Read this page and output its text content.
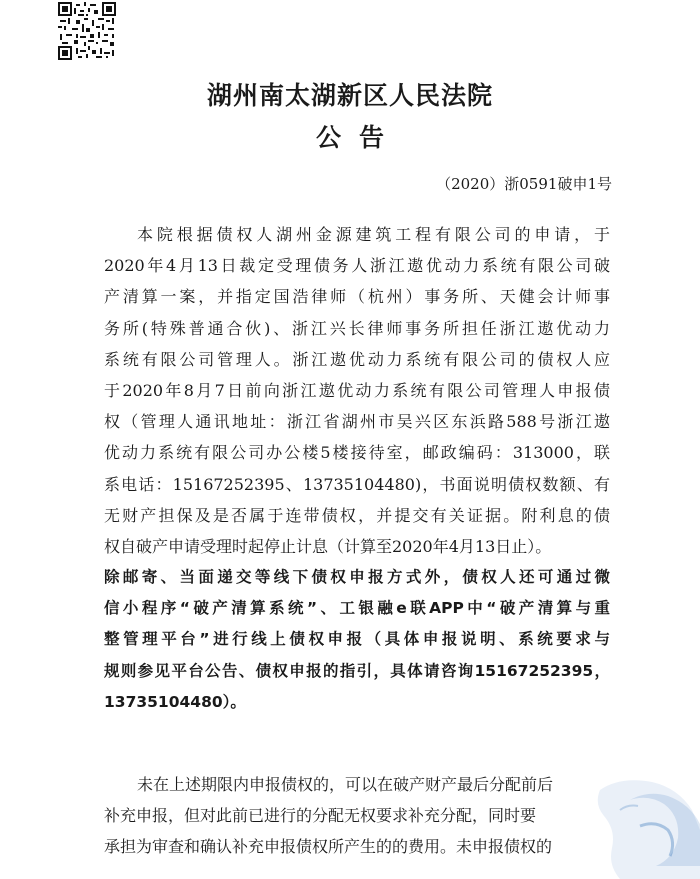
湖州南太湖新区人民法院
公告
（2020）浙0591破申1号
本院根据债权人湖州金源建筑工程有限公司的申请，于
2020年4月13日裁定受理债务人浙江遨优动力系统有限公司破
产清算一案，并指定国浩律师（杭州）事务所、天健会计师事
务所(特殊普通合伙)、浙江兴长律师事务所担任浙江遨优动力
系统有限公司管理人。浙江遨优动力系统有限公司的债权人应
于2020年8月7日前向浙江遨优动力系统有限公司管理人申报债
权（管理人通讯地址：浙江省湖州市吴兴区东浜路588号浙江遨
优动力系统有限公司办公楼5楼接待室，邮政编码：313000，联
系电话：15167252395、13735104480)，书面说明债权数额、有
无财产担保及是否属于连带债权，并提交有关证据。附利息的债
权自破产申请受理时起停止计息（计算至2020年4月13日止）。
除邮寄、当面递交等线下债权申报方式外，债权人还可通过微
信小程序“破产清算系统”、工银融e联APP中“破产清算与重
整管理平台”进行线上债权申报（具体申报说明、系统要求与
规则参见平台公告、债权申报的指引，具体请咨询15167252395，
13735104480）。
未在上述期限内申报债权的，可以在破产财产最后分配前后
补充申报，但对此前已进行的分配无权要求补充分配，同时要
承担为审查和确认补充申报债权所产生的的费用。未申报债权的
